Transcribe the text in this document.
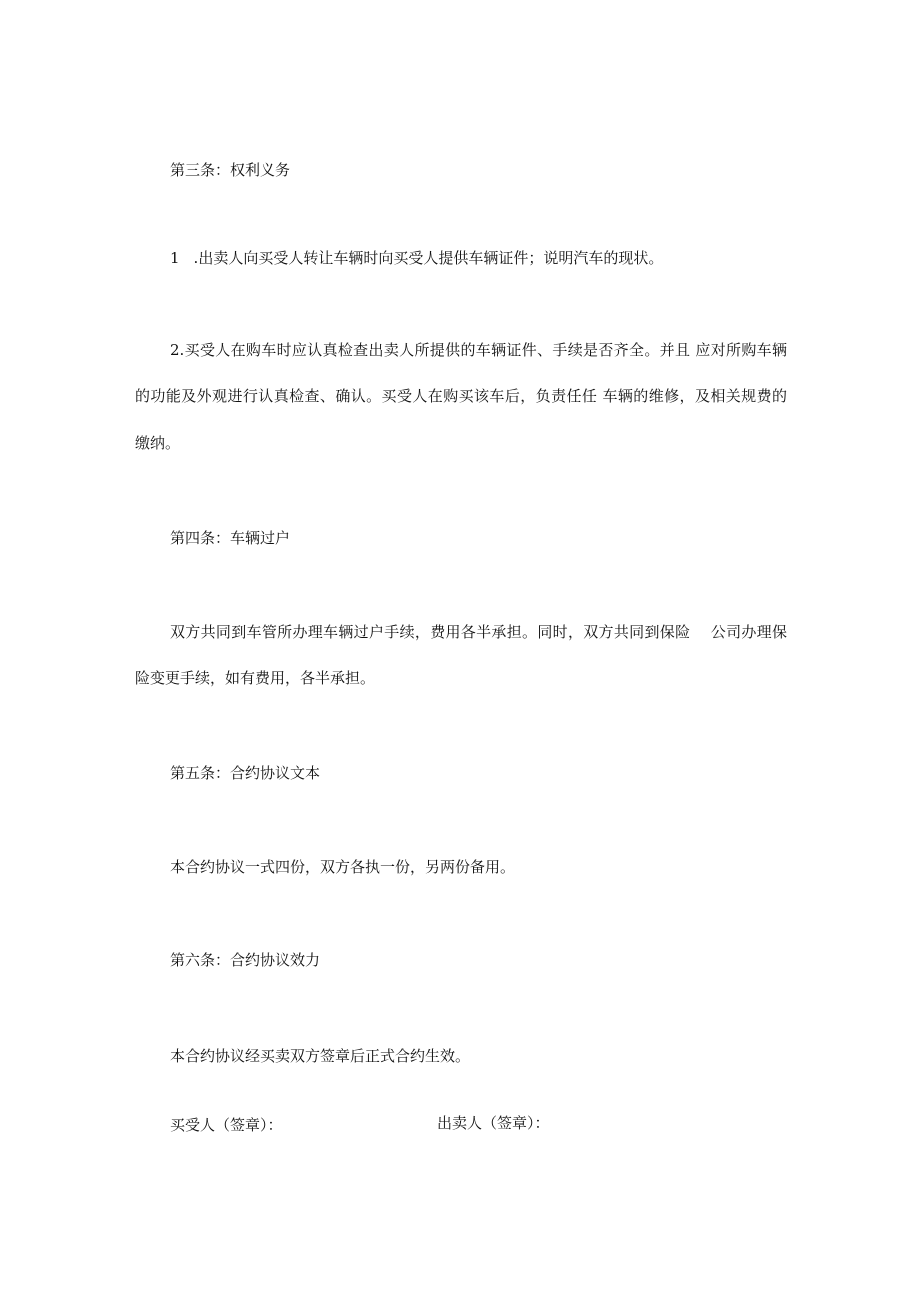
第三条：权利义务
1 .出卖人向买受人转让车辆时向买受人提供车辆证件；说明汽车的现状。
2.买受人在购车时应认真检查出卖人所提供的车辆证件、手续是否齐全。并且 应对所购车辆
的功能及外观进行认真检查、确认。买受人在购买该车后，负责任任 车辆的维修，及相关规费的
缴纳。
第四条：车辆过户
双方共同到车管所办理车辆过户手续，费用各半承担。同时，双方共同到保险　 公司办理保
险变更手续，如有费用，各半承担。
第五条：合约协议文本
本合约协议一式四份，双方各执一份，另两份备用。
第六条：合约协议效力
本合约协议经买卖双方签章后正式合约生效。
买受人（签章）：	出卖人（签章）：
